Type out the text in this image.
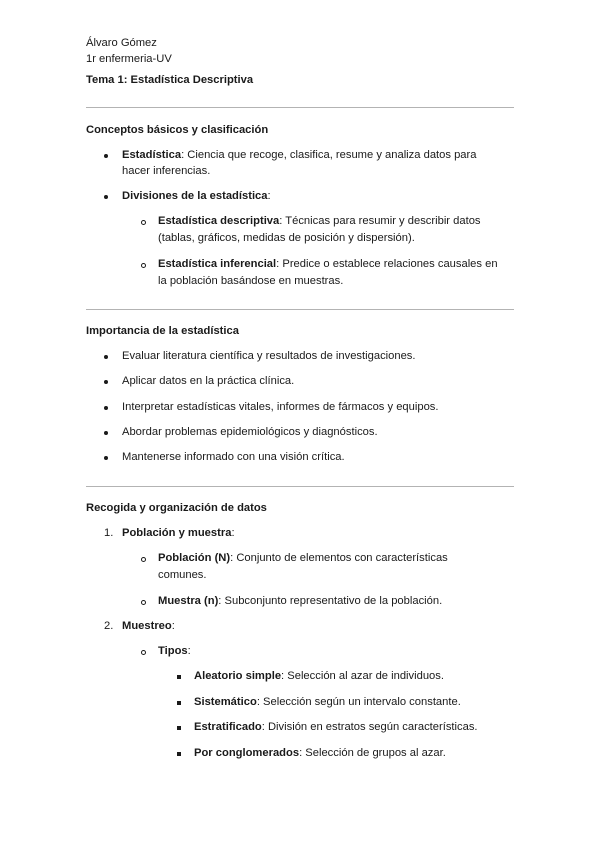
Álvaro Gómez
1r enfermeria-UV
Tema 1: Estadística Descriptiva
Conceptos básicos y clasificación
Estadística: Ciencia que recoge, clasifica, resume y analiza datos para
hacer inferencias.
Divisiones de la estadística:
Estadística descriptiva: Técnicas para resumir y describir datos
(tablas, gráficos, medidas de posición y dispersión).
Estadística inferencial: Predice o establece relaciones causales en
la población basándose en muestras.
Importancia de la estadística
Evaluar literatura científica y resultados de investigaciones.
Aplicar datos en la práctica clínica.
Interpretar estadísticas vitales, informes de fármacos y equipos.
Abordar problemas epidemiológicos y diagnósticos.
Mantenerse informado con una visión crítica.
Recogida y organización de datos
1. Población y muestra:
Población (N): Conjunto de elementos con características
comunes.
Muestra (n): Subconjunto representativo de la población.
2. Muestreo:
Tipos:
Aleatorio simple: Selección al azar de individuos.
Sistemático: Selección según un intervalo constante.
Estratificado: División en estratos según características.
Por conglomerados: Selección de grupos al azar.
